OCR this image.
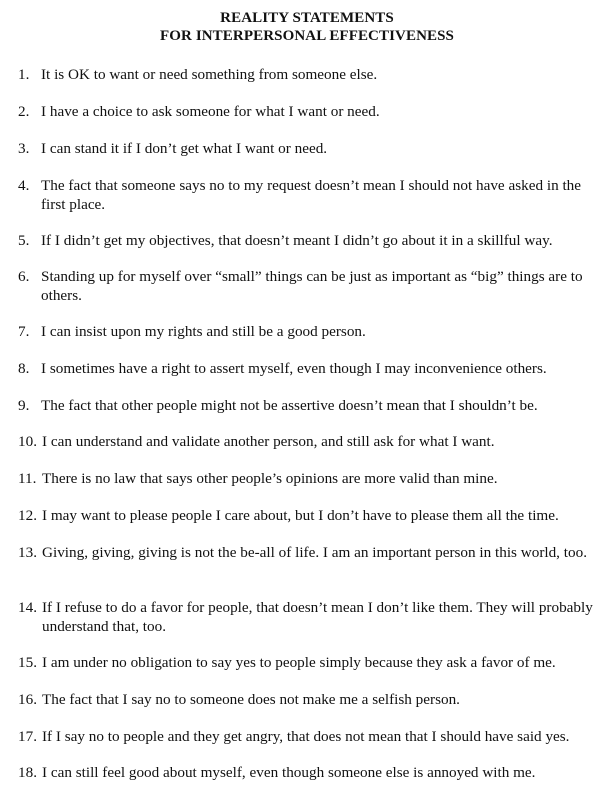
REALITY STATEMENTS
FOR INTERPERSONAL EFFECTIVENESS
1. It is OK to want or need something from someone else.
2. I have a choice to ask someone for what I want or need.
3. I can stand it if I don’t get what I want or need.
4. The fact that someone says no to my request doesn’t mean I should not have asked in the first place.
5. If I didn’t get my objectives, that doesn’t meant I didn’t go about it in a skillful way.
6. Standing up for myself over “small” things can be just as important as “big” things are to others.
7. I can insist upon my rights and still be a good person.
8. I sometimes have a right to assert myself, even though I may inconvenience others.
9. The fact that other people might not be assertive doesn’t mean that I shouldn’t be.
10. I can understand and validate another person, and still ask for what I want.
11. There is no law that says other people’s opinions are more valid than mine.
12. I may want to please people I care about, but I don’t have to please them all the time.
13. Giving, giving, giving is not the be-all of life. I am an important person in this world, too.
14. If I refuse to do a favor for people, that doesn’t mean I don’t like them. They will probably understand that, too.
15. I am under no obligation to say yes to people simply because they ask a favor of me.
16. The fact that I say no to someone does not make me a selfish person.
17. If I say no to people and they get angry, that does not mean that I should have said yes.
18. I can still feel good about myself, even though someone else is annoyed with me.
